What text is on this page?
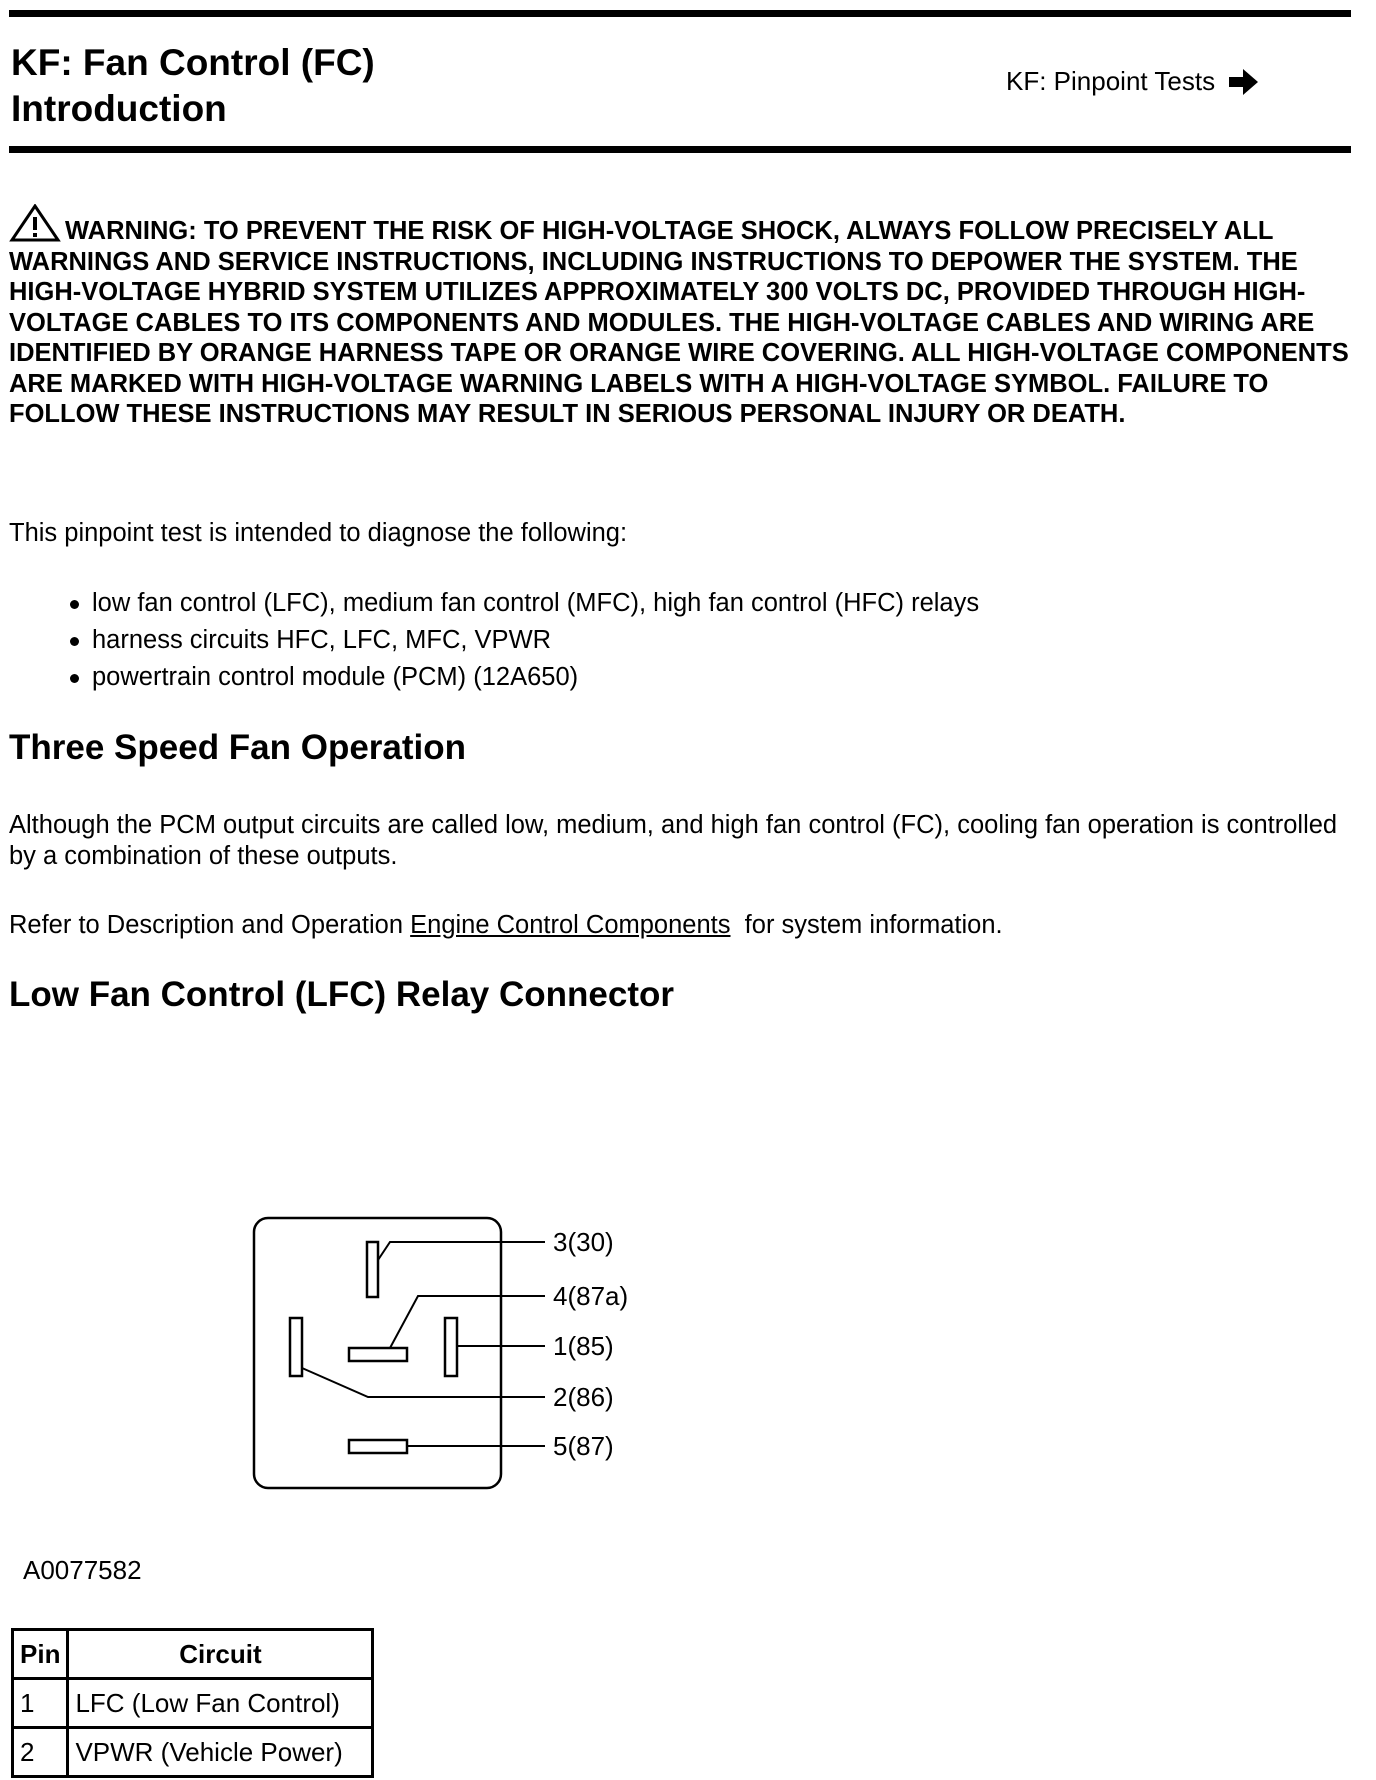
KF: Fan Control (FC)
Introduction
KF: Pinpoint Tests

WARNING: TO PREVENT THE RISK OF HIGH-VOLTAGE SHOCK, ALWAYS FOLLOW PRECISELY ALL WARNINGS AND SERVICE INSTRUCTIONS, INCLUDING INSTRUCTIONS TO DEPOWER THE SYSTEM. THE HIGH-VOLTAGE HYBRID SYSTEM UTILIZES APPROXIMATELY 300 VOLTS DC, PROVIDED THROUGH HIGH-VOLTAGE CABLES TO ITS COMPONENTS AND MODULES. THE HIGH-VOLTAGE CABLES AND WIRING ARE IDENTIFIED BY ORANGE HARNESS TAPE OR ORANGE WIRE COVERING. ALL HIGH-VOLTAGE COMPONENTS ARE MARKED WITH HIGH-VOLTAGE WARNING LABELS WITH A HIGH-VOLTAGE SYMBOL. FAILURE TO FOLLOW THESE INSTRUCTIONS MAY RESULT IN SERIOUS PERSONAL INJURY OR DEATH.

This pinpoint test is intended to diagnose the following:

low fan control (LFC), medium fan control (MFC), high fan control (HFC) relays
harness circuits HFC, LFC, MFC, VPWR
powertrain control module (PCM) (12A650)
Three Speed Fan Operation

Although the PCM output circuits are called low, medium, and high fan control (FC), cooling fan operation is controlled by a combination of these outputs.

Refer to Description and Operation Engine Control Components for system information.

Low Fan Control (LFC) Relay Connector
3(30)
4(87a)
1(85)
2(86)
5(87)
A0077582
Pin	Circuit
1	LFC (Low Fan Control)
2	VPWR (Vehicle Power)
